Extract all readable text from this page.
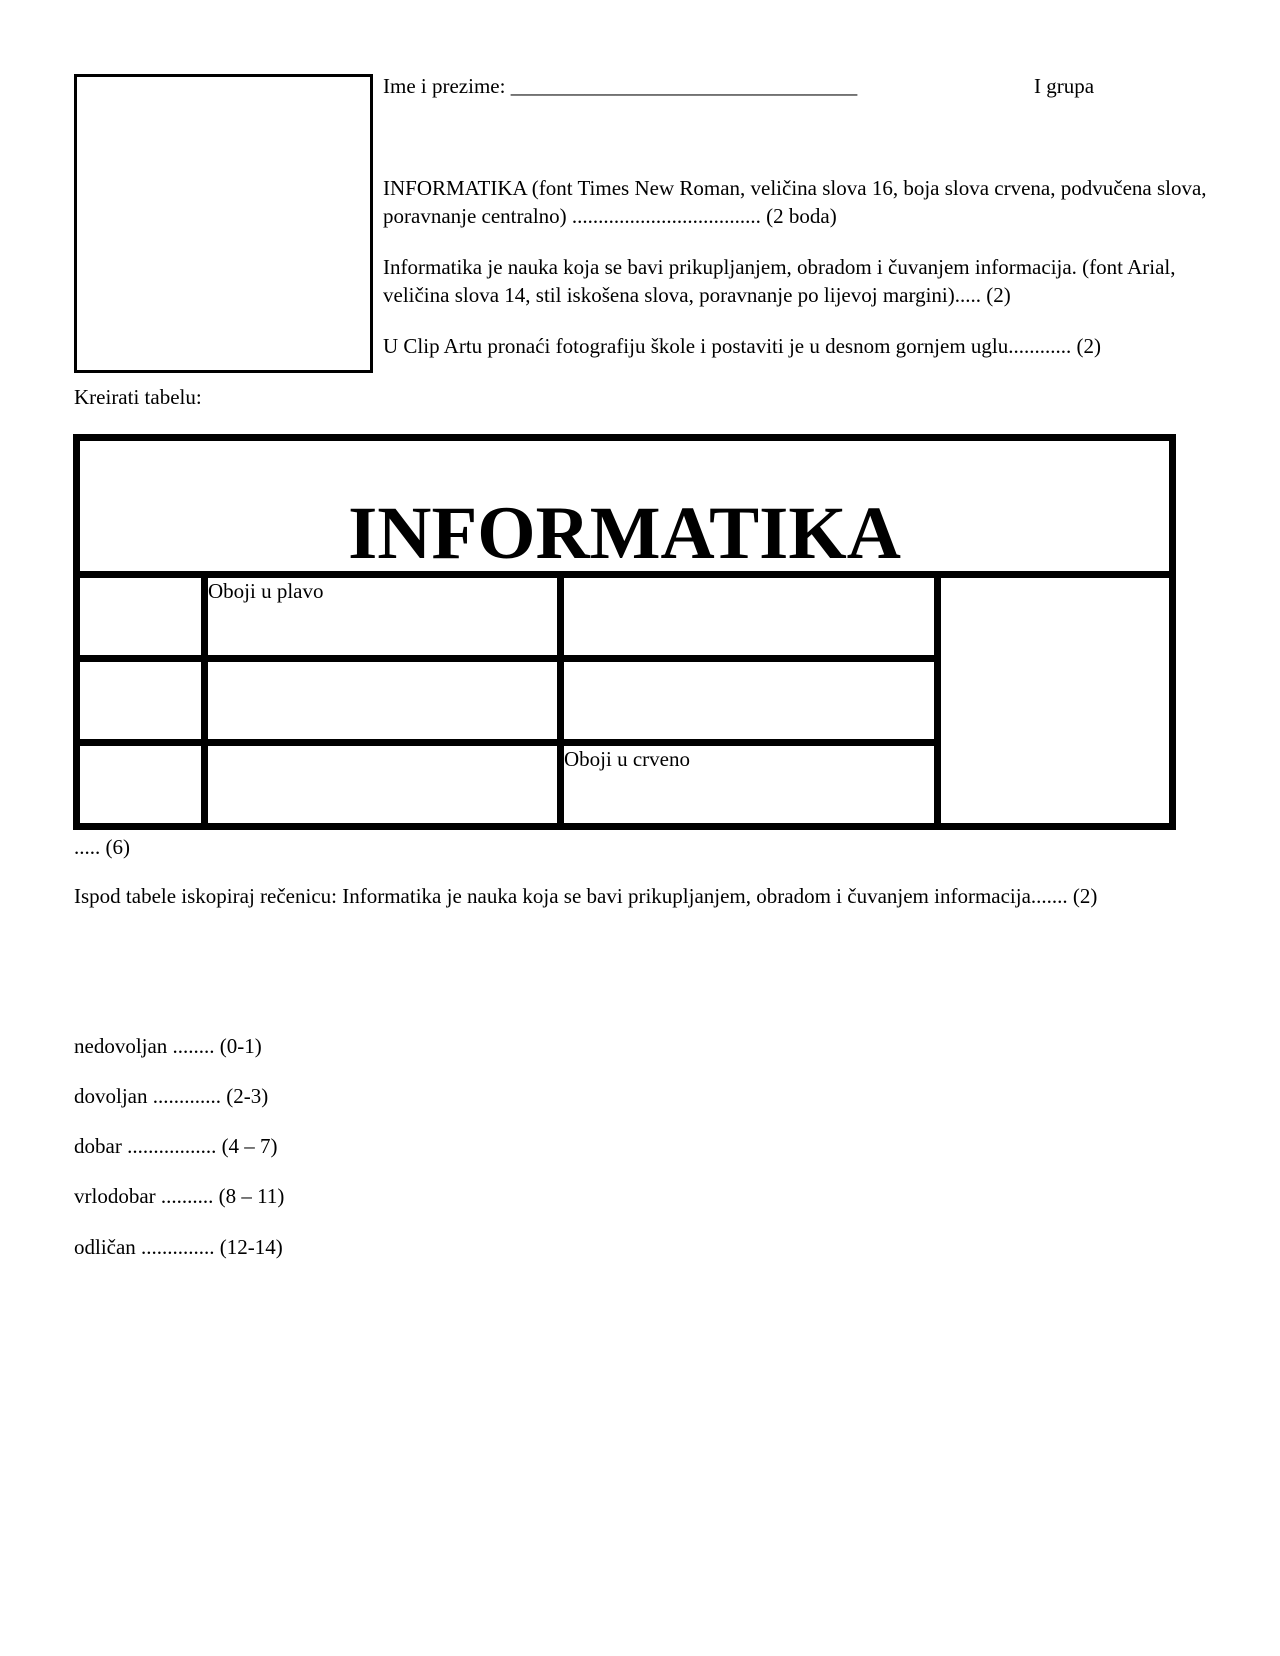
Ime i prezime: _________________________________	I grupa
INFORMATIKA (font Times New Roman, veličina slova 16, boja slova crvena, podvučena slova, poravnanje centralno) .................................... (2 boda)
Informatika je nauka koja se bavi prikupljanjem, obradom i čuvanjem informacija. (font Arial, veličina slova 14, stil iskošena slova, poravnanje po lijevoj margini)..... (2)
U Clip Artu pronaći fotografiju škole i postaviti je u desnom gornjem uglu............ (2)
Kreirati tabelu:
INFORMATIKA
Oboji u plavo
Oboji u crveno
..... (6)
Ispod tabele iskopiraj rečenicu: Informatika je nauka koja se bavi prikupljanjem, obradom i čuvanjem informacija....... (2)
nedovoljan ........ (0-1)
dovoljan ............. (2-3)
dobar ................. (4 – 7)
vrlodobar .......... (8 – 11)
odličan .............. (12-14)
